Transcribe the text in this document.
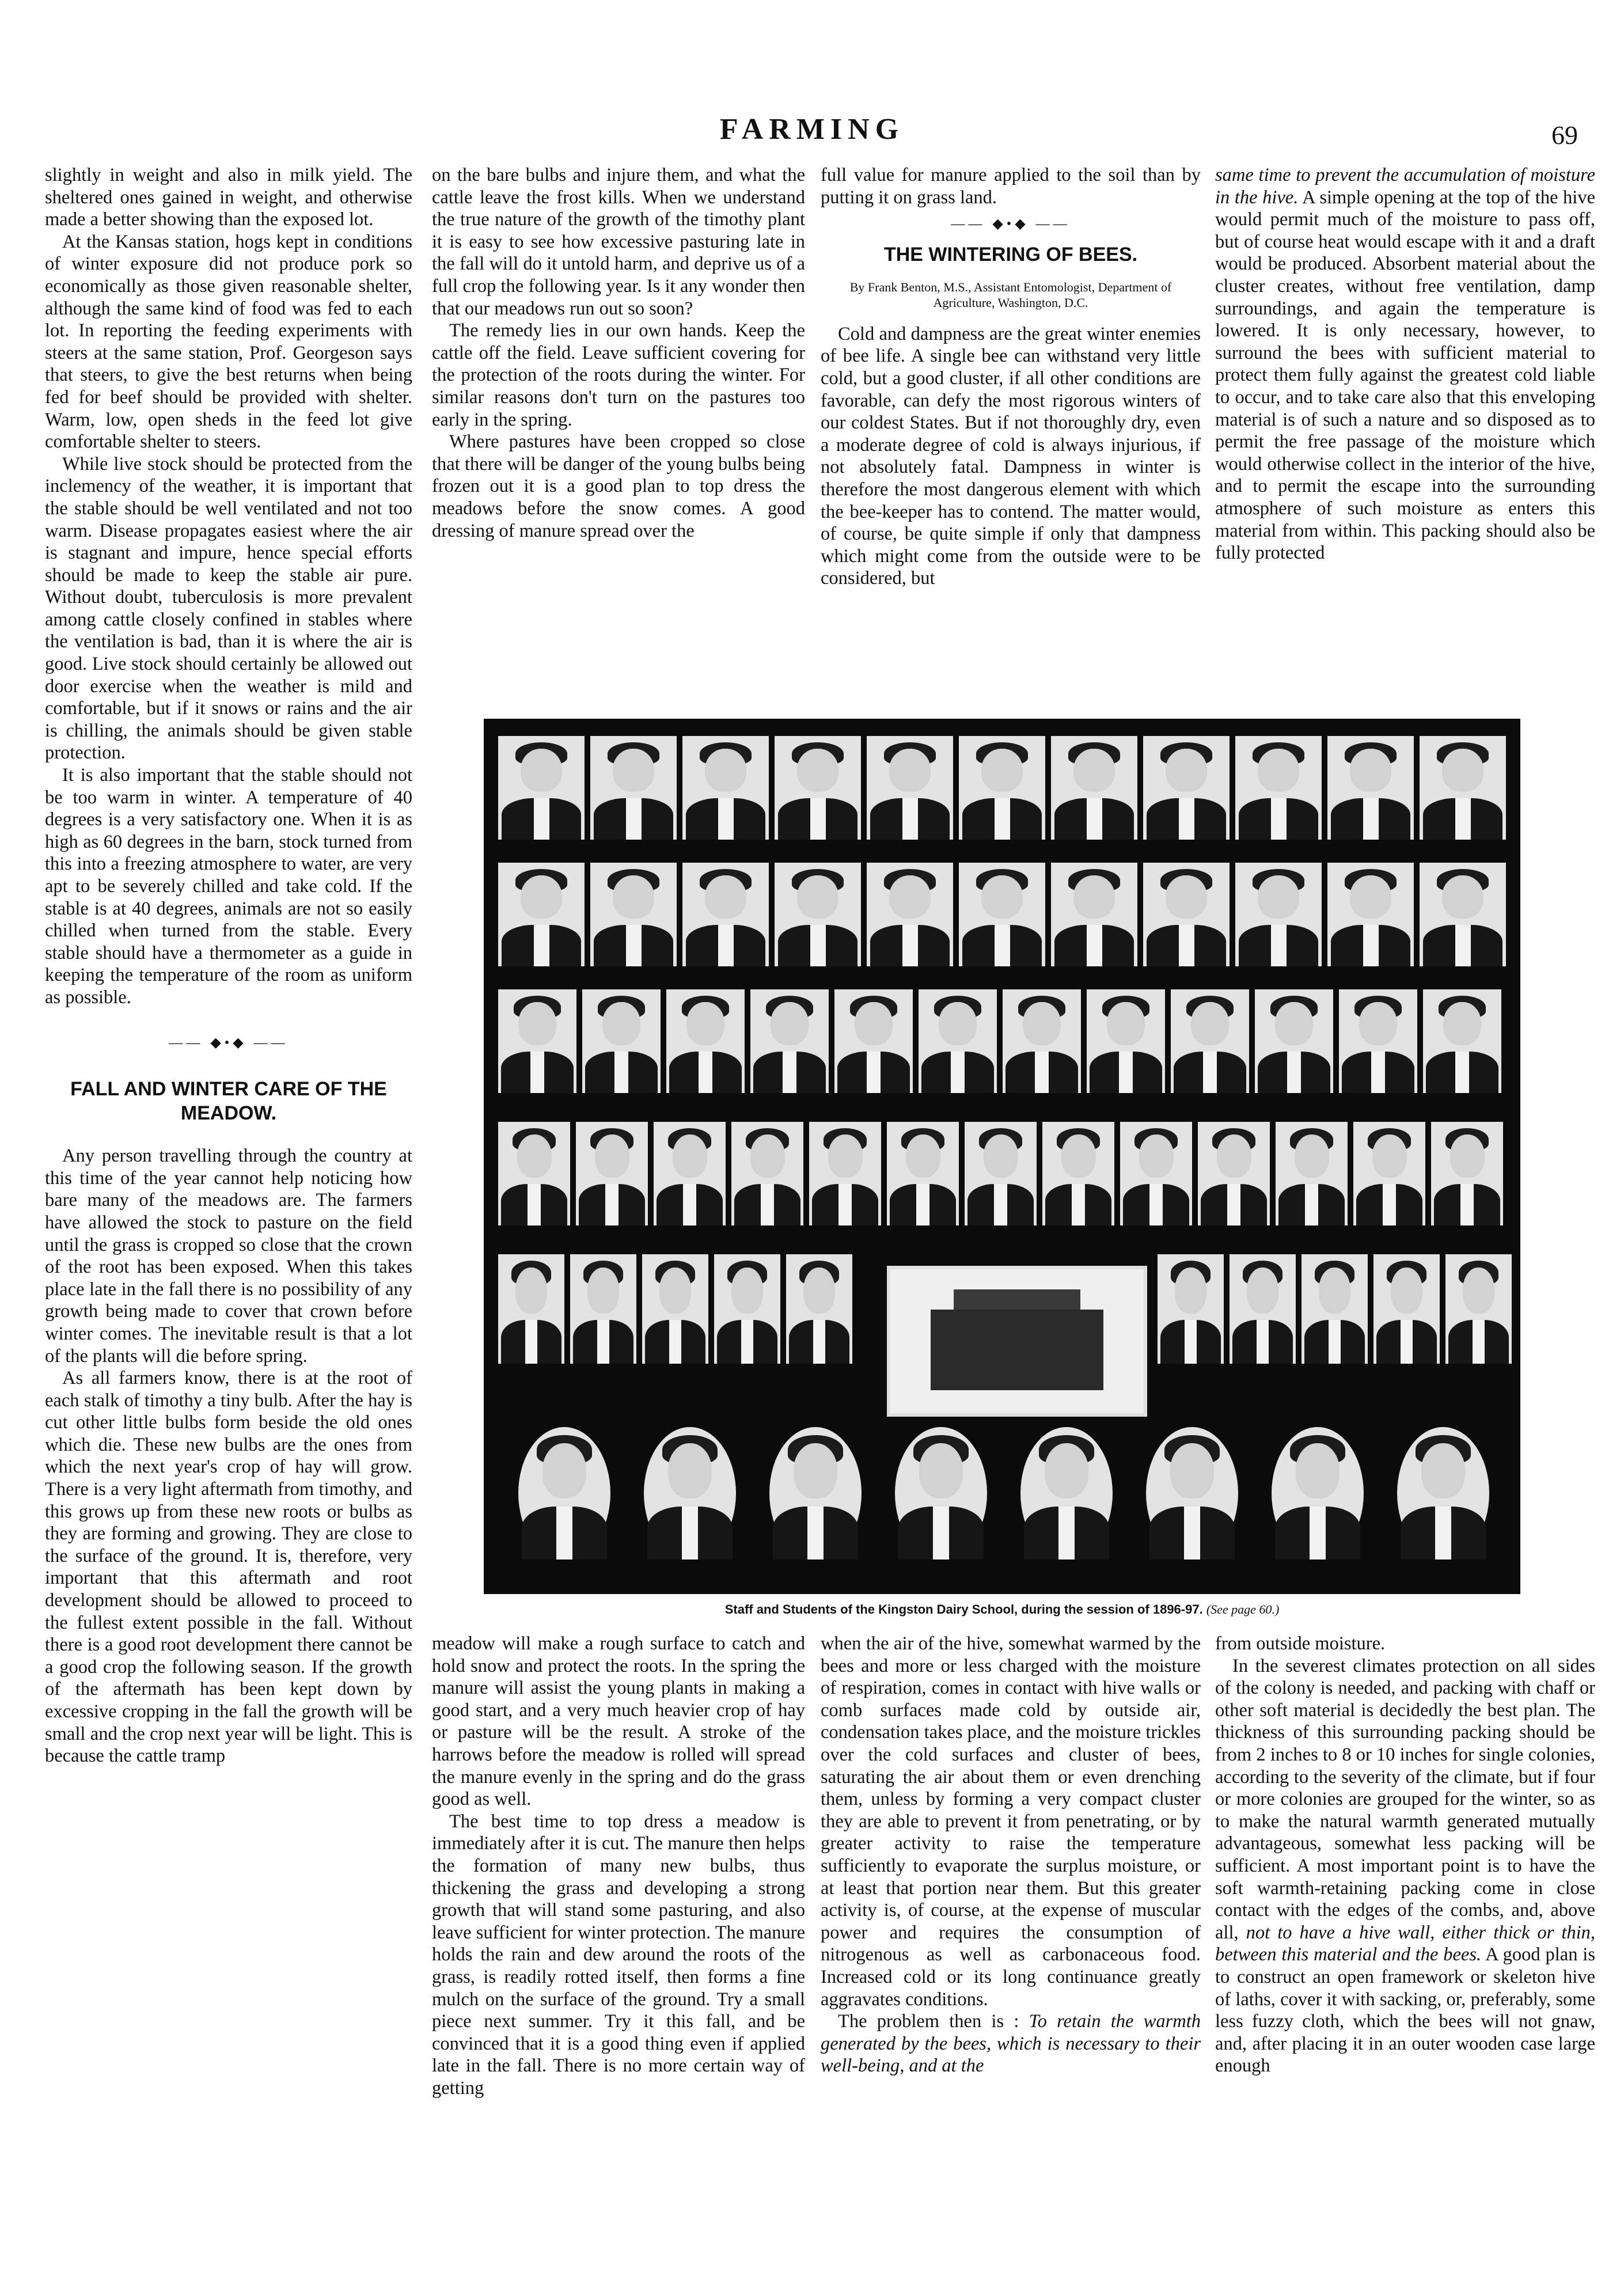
FARMING	69

slightly in weight and also in milk yield. The sheltered ones gained in weight, and otherwise made a better showing than the exposed lot.

At the Kansas station, hogs kept in conditions of winter exposure did not produce pork so economically as those given reasonable shelter, although the same kind of food was fed to each lot. In reporting the feeding experiments with steers at the same station, Prof. Georgeson says that steers, to give the best returns when being fed for beef should be provided with shelter. Warm, low, open sheds in the feed lot give comfortable shelter to steers.

While live stock should be protected from the inclemency of the weather, it is important that the stable should be well ventilated and not too warm. Disease propagates easiest where the air is stagnant and impure, hence special efforts should be made to keep the stable air pure. Without doubt, tuberculosis is more prevalent among cattle closely confined in stables where the ventilation is bad, than it is where the air is good. Live stock should certainly be allowed out door exercise when the weather is mild and comfortable, but if it snows or rains and the air is chilling, the animals should be given stable protection.

It is also important that the stable should not be too warm in winter. A temperature of 40 degrees is a very satisfactory one. When it is as high as 60 degrees in the barn, stock turned from this into a freezing atmosphere to water, are very apt to be severely chilled and take cold. If the stable is at 40 degrees, animals are not so easily chilled when turned from the stable. Every stable should have a thermometer as a guide in keeping the temperature of the room as uniform as possible.

—— ◆•◆ ——
FALL AND WINTER CARE OF THE MEADOW.

Any person travelling through the country at this time of the year cannot help noticing how bare many of the meadows are. The farmers have allowed the stock to pasture on the field until the grass is cropped so close that the crown of the root has been exposed. When this takes place late in the fall there is no possibility of any growth being made to cover that crown before winter comes. The inevitable result is that a lot of the plants will die before spring.

As all farmers know, there is at the root of each stalk of timothy a tiny bulb. After the hay is cut other little bulbs form beside the old ones which die. These new bulbs are the ones from which the next year's crop of hay will grow. There is a very light aftermath from timothy, and this grows up from these new roots or bulbs as they are forming and growing. They are close to the surface of the ground. It is, therefore, very important that this aftermath and root development should be allowed to proceed to the fullest extent possible in the fall. Without there is a good root development there cannot be a good crop the following season. If the growth of the aftermath has been kept down by excessive cropping in the fall the growth will be small and the crop next year will be light. This is because the cattle tramp

on the bare bulbs and injure them, and what the cattle leave the frost kills. When we understand the true nature of the growth of the timothy plant it is easy to see how excessive pasturing late in the fall will do it untold harm, and deprive us of a full crop the following year. Is it any wonder then that our meadows run out so soon?

The remedy lies in our own hands. Keep the cattle off the field. Leave sufficient covering for the protection of the roots during the winter. For similar reasons don't turn on the pastures too early in the spring.

Where pastures have been cropped so close that there will be danger of the young bulbs being frozen out it is a good plan to top dress the meadows before the snow comes. A good dressing of manure spread over the

full value for manure applied to the soil than by putting it on grass land.

—— ◆•◆ ——
THE WINTERING OF BEES.
By Frank Benton, M.S., Assistant Entomologist, Department of Agriculture, Washington, D.C.

Cold and dampness are the great winter enemies of bee life. A single bee can withstand very little cold, but a good cluster, if all other conditions are favorable, can defy the most rigorous winters of our coldest States. But if not thoroughly dry, even a moderate degree of cold is always injurious, if not absolutely fatal. Dampness in winter is therefore the most dangerous element with which the bee-keeper has to contend. The matter would, of course, be quite simple if only that dampness which might come from the outside were to be considered, but

same time to prevent the accumulation of moisture in the hive. A simple opening at the top of the hive would permit much of the moisture to pass off, but of course heat would escape with it and a draft would be produced. Absorbent material about the cluster creates, without free ventilation, damp surroundings, and again the temperature is lowered. It is only necessary, however, to surround the bees with sufficient material to protect them fully against the greatest cold liable to occur, and to take care also that this enveloping material is of such a nature and so disposed as to permit the free passage of the moisture which would otherwise collect in the interior of the hive, and to permit the escape into the surrounding atmosphere of such moisture as enters this material from within. This packing should also be fully protected

Staff and Students of the Kingston Dairy School, during the session of 1896-97. (See page 60.)

meadow will make a rough surface to catch and hold snow and protect the roots. In the spring the manure will assist the young plants in making a good start, and a very much heavier crop of hay or pasture will be the result. A stroke of the harrows before the meadow is rolled will spread the manure evenly in the spring and do the grass good as well.

The best time to top dress a meadow is immediately after it is cut. The manure then helps the formation of many new bulbs, thus thickening the grass and developing a strong growth that will stand some pasturing, and also leave sufficient for winter protection. The manure holds the rain and dew around the roots of the grass, is readily rotted itself, then forms a fine mulch on the surface of the ground. Try a small piece next summer. Try it this fall, and be convinced that it is a good thing even if applied late in the fall. There is no more certain way of getting

when the air of the hive, somewhat warmed by the bees and more or less charged with the moisture of respiration, comes in contact with hive walls or comb surfaces made cold by outside air, condensation takes place, and the moisture trickles over the cold surfaces and cluster of bees, saturating the air about them or even drenching them, unless by forming a very compact cluster they are able to prevent it from penetrating, or by greater activity to raise the temperature sufficiently to evaporate the surplus moisture, or at least that portion near them. But this greater activity is, of course, at the expense of muscular power and requires the consumption of nitrogenous as well as carbonaceous food. Increased cold or its long continuance greatly aggravates conditions.

The problem then is : To retain the warmth generated by the bees, which is necessary to their well-being, and at the

from outside moisture.

In the severest climates protection on all sides of the colony is needed, and packing with chaff or other soft material is decidedly the best plan. The thickness of this surrounding packing should be from 2 inches to 8 or 10 inches for single colonies, according to the severity of the climate, but if four or more colonies are grouped for the winter, so as to make the natural warmth generated mutually advantageous, somewhat less packing will be sufficient. A most important point is to have the soft warmth-retaining packing come in close contact with the edges of the combs, and, above all, not to have a hive wall, either thick or thin, between this material and the bees. A good plan is to construct an open framework or skeleton hive of laths, cover it with sacking, or, preferably, some less fuzzy cloth, which the bees will not gnaw, and, after placing it in an outer wooden case large enough
